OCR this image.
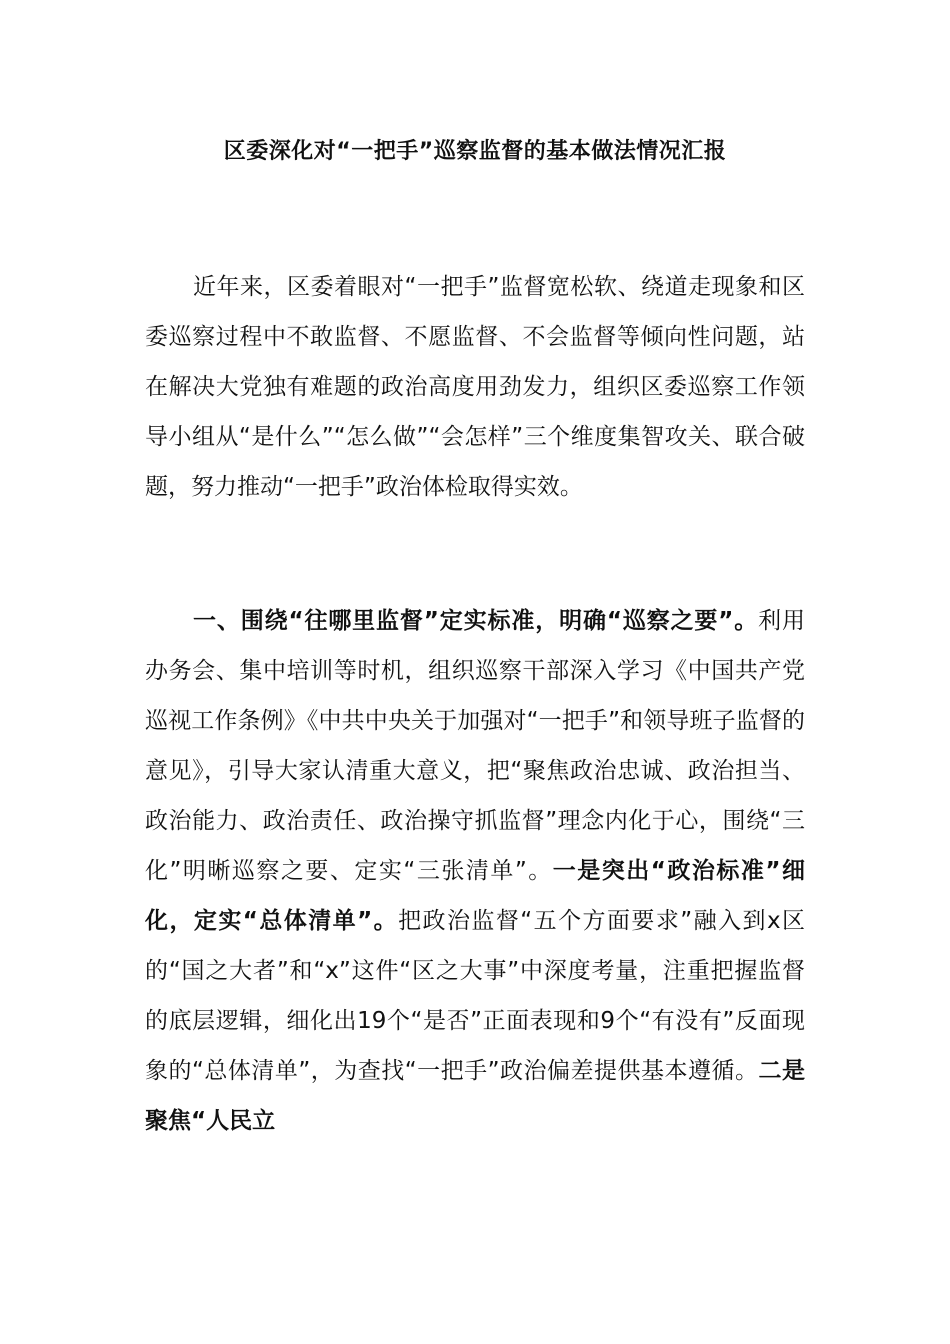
区委深化对“一把手”巡察监督的基本做法情况汇报

近年来，区委着眼对“一把手”监督宽松软、绕道走现象和区委巡察过程中不敢监督、不愿监督、不会监督等倾向性问题，站在解决大党独有难题的政治高度用劲发力，组织区委巡察工作领导小组从“是什么”“怎么做”“会怎样”三个维度集智攻关、联合破题，努力推动“一把手”政治体检取得实效。

一、围绕“往哪里监督”定实标准，明确“巡察之要”。利用办务会、集中培训等时机，组织巡察干部深入学习《中国共产党巡视工作条例》《中共中央关于加强对“一把手”和领导班子监督的意见》，引导大家认清重大意义，把“聚焦政治忠诚、政治担当、政治能力、政治责任、政治操守抓监督”理念内化于心，围绕“三化”明晰巡察之要、定实“三张清单”。一是突出“政治标准”细化，定实“总体清单”。把政治监督“五个方面要求”融入到x区的“国之大者”和“x”这件“区之大事”中深度考量，注重把握监督的底层逻辑，细化出19个“是否”正面表现和9个“有没有”反面现象的“总体清单”，为查找“一把手”政治偏差提供基本遵循。二是聚焦“人民立
